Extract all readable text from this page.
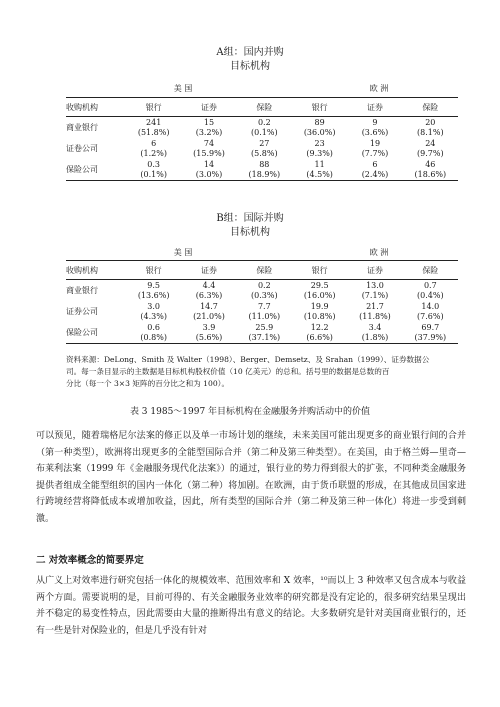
A组：国内并购
目标机构
美 国	欧 洲
收购机构	银行	证券	保险	银行	证券	保险
商业银行	241	15	0.2	89	9	20
	(51.8%)	(3.2%)	(0.1%)	(36.0%)	(3.6%)	(8.1%)
证卷公司	6	74	27	23	19	24
	(1.2%)	(15.9%)	(5.8%)	(9.3%)	(7.7%)	(9.7%)
保险公司	0.3	14	88	11	6	46
	(0.1%)	(3.0%)	(18.9%)	(4.5%)	(2.4%)	(18.6%)
B组：国际并购
目标机构
美 国	欧 洲
收购机构	银行	证券	保险	银行	证券	保险
商业银行	9.5	4.4	0.2	29.5	13.0	0.7
	(13.6%)	(6.3%)	(0.3%)	(16.0%)	(7.1%)	(0.4%)
证券公司	3.0	14.7	7.7	19.9	21.7	14.0
	(4.3%)	(21.0%)	(11.0%)	(10.8%)	(11.8%)	(7.6%)
保险公司	0.6	3.9	25.9	12.2	3.4	69.7
	(0.8%)	(5.6%)	(37.1%)	(6.6%)	(1.8%)	(37.9%)
资料来源：DeLong、Smith 及 Walter（1998）、Berger、Demsetz、及 Srahan（1999）、证券数据公
司。每一条目显示的主数据是目标机构股权价值（10 亿美元）的总和。括号里的数据是总数的百
分比（每一个 3×3 矩阵的百分比之和为 100）。
表 3 1985～1997 年目标机构在金融服务并购活动中的价值
可以预见，随着瑞格尼尔法案的修正以及单一市场计划的继续，未来美国可能出现更多的商业银行间的合并（第一种类型），欧洲将出现更多的全能型国际合并（第二种及第三种类型）。在美国，由于格兰姆—里奇—布莱利法案（1999 年《金融服务现代化法案》）的通过，银行业的势力得到很大的扩张，不同种类金融服务提供者组成全能型组织的国内一体化（第二种）将加剧。在欧洲，由于货币联盟的形成，在其他成员国家进行跨境经营将降低成本或增加收益，因此，所有类型的国际合并（第二种及第三种一体化）将进一步受到刺激。
二 对效率概念的简要界定
从广义上对效率进行研究包括一体化的规模效率、范围效率和 X 效率，¹⁰而以上 3 种效率又包含成本与收益两个方面。需要说明的是，目前可得的、有关金融服务业效率的研究都是没有定论的，很多研究结果呈现出并不稳定的易变性特点，因此需要由大量的推断得出有意义的结论。大多数研究是针对美国商业银行的，还有一些是针对保险业的，但是几乎没有针对
